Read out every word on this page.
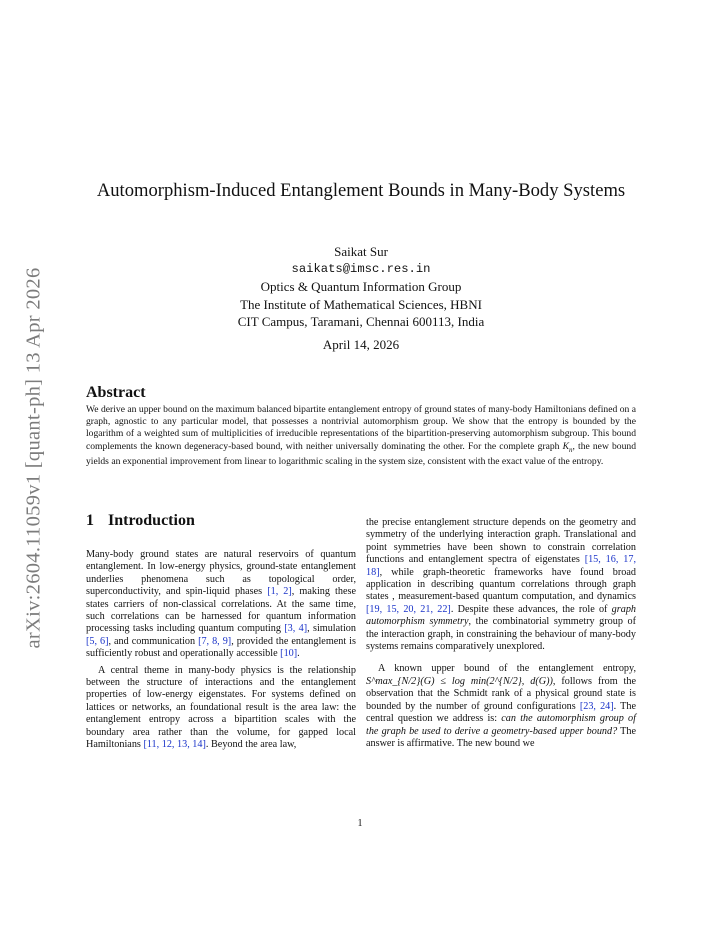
arXiv:2604.11059v1 [quant-ph] 13 Apr 2026
Automorphism-Induced Entanglement Bounds in Many-Body Systems
Saikat Sur
saikats@imsc.res.in
Optics & Quantum Information Group
The Institute of Mathematical Sciences, HBNI
CIT Campus, Taramani, Chennai 600113, India
April 14, 2026
Abstract
We derive an upper bound on the maximum balanced bipartite entanglement entropy of ground states of many-body Hamiltonians defined on a graph, agnostic to any particular model, that possesses a nontrivial automorphism group. We show that the entropy is bounded by the logarithm of a weighted sum of multiplicities of irreducible representations of the bipartition-preserving automorphism subgroup. This bound complements the known degeneracy-based bound, with neither universally dominating the other. For the complete graph $K_n$, the new bound yields an exponential improvement from linear to logarithmic scaling in the system size, consistent with the exact value of the entropy.
1 Introduction

Many-body ground states are natural reservoirs of quantum entanglement. In low-energy physics, ground-state entanglement underlies phenomena such as topological order, superconductivity, and spin-liquid phases [1, 2], making these states carriers of non-classical correlations. At the same time, such correlations can be harnessed for quantum information processing tasks including quantum computing [3, 4], simulation [5, 6], and communication [7, 8, 9], provided the entanglement is sufficiently robust and operationally accessible [10].

A central theme in many-body physics is the relationship between the structure of interactions and the entanglement properties of low-energy eigenstates. For systems defined on lattices or networks, an foundational result is the area law: the entanglement entropy across a bipartition scales with the boundary area rather than the volume, for gapped local Hamiltonians [11, 12, 13, 14]. Beyond the area law,

the precise entanglement structure depends on the geometry and symmetry of the underlying interaction graph. Translational and point symmetries have been shown to constrain correlation functions and entanglement spectra of eigenstates [15, 16, 17, 18], while graph-theoretic frameworks have found broad application in describing quantum correlations through graph states , measurement-based quantum computation, and dynamics [19, 15, 20, 21, 22]. Despite these advances, the role of graph automorphism symmetry, the combinatorial symmetry group of the interaction graph, in constraining the behaviour of many-body systems remains comparatively unexplored.

A known upper bound of the entanglement entropy, S^max_{N/2}(G) ≤ log min(2^{N/2}, d(G)), follows from the observation that the Schmidt rank of a physical ground state is bounded by the number of ground configurations [23, 24]. The central question we address is: can the automorphism group of the graph be used to derive a geometry-based upper bound? The answer is affirmative. The new bound we

1
